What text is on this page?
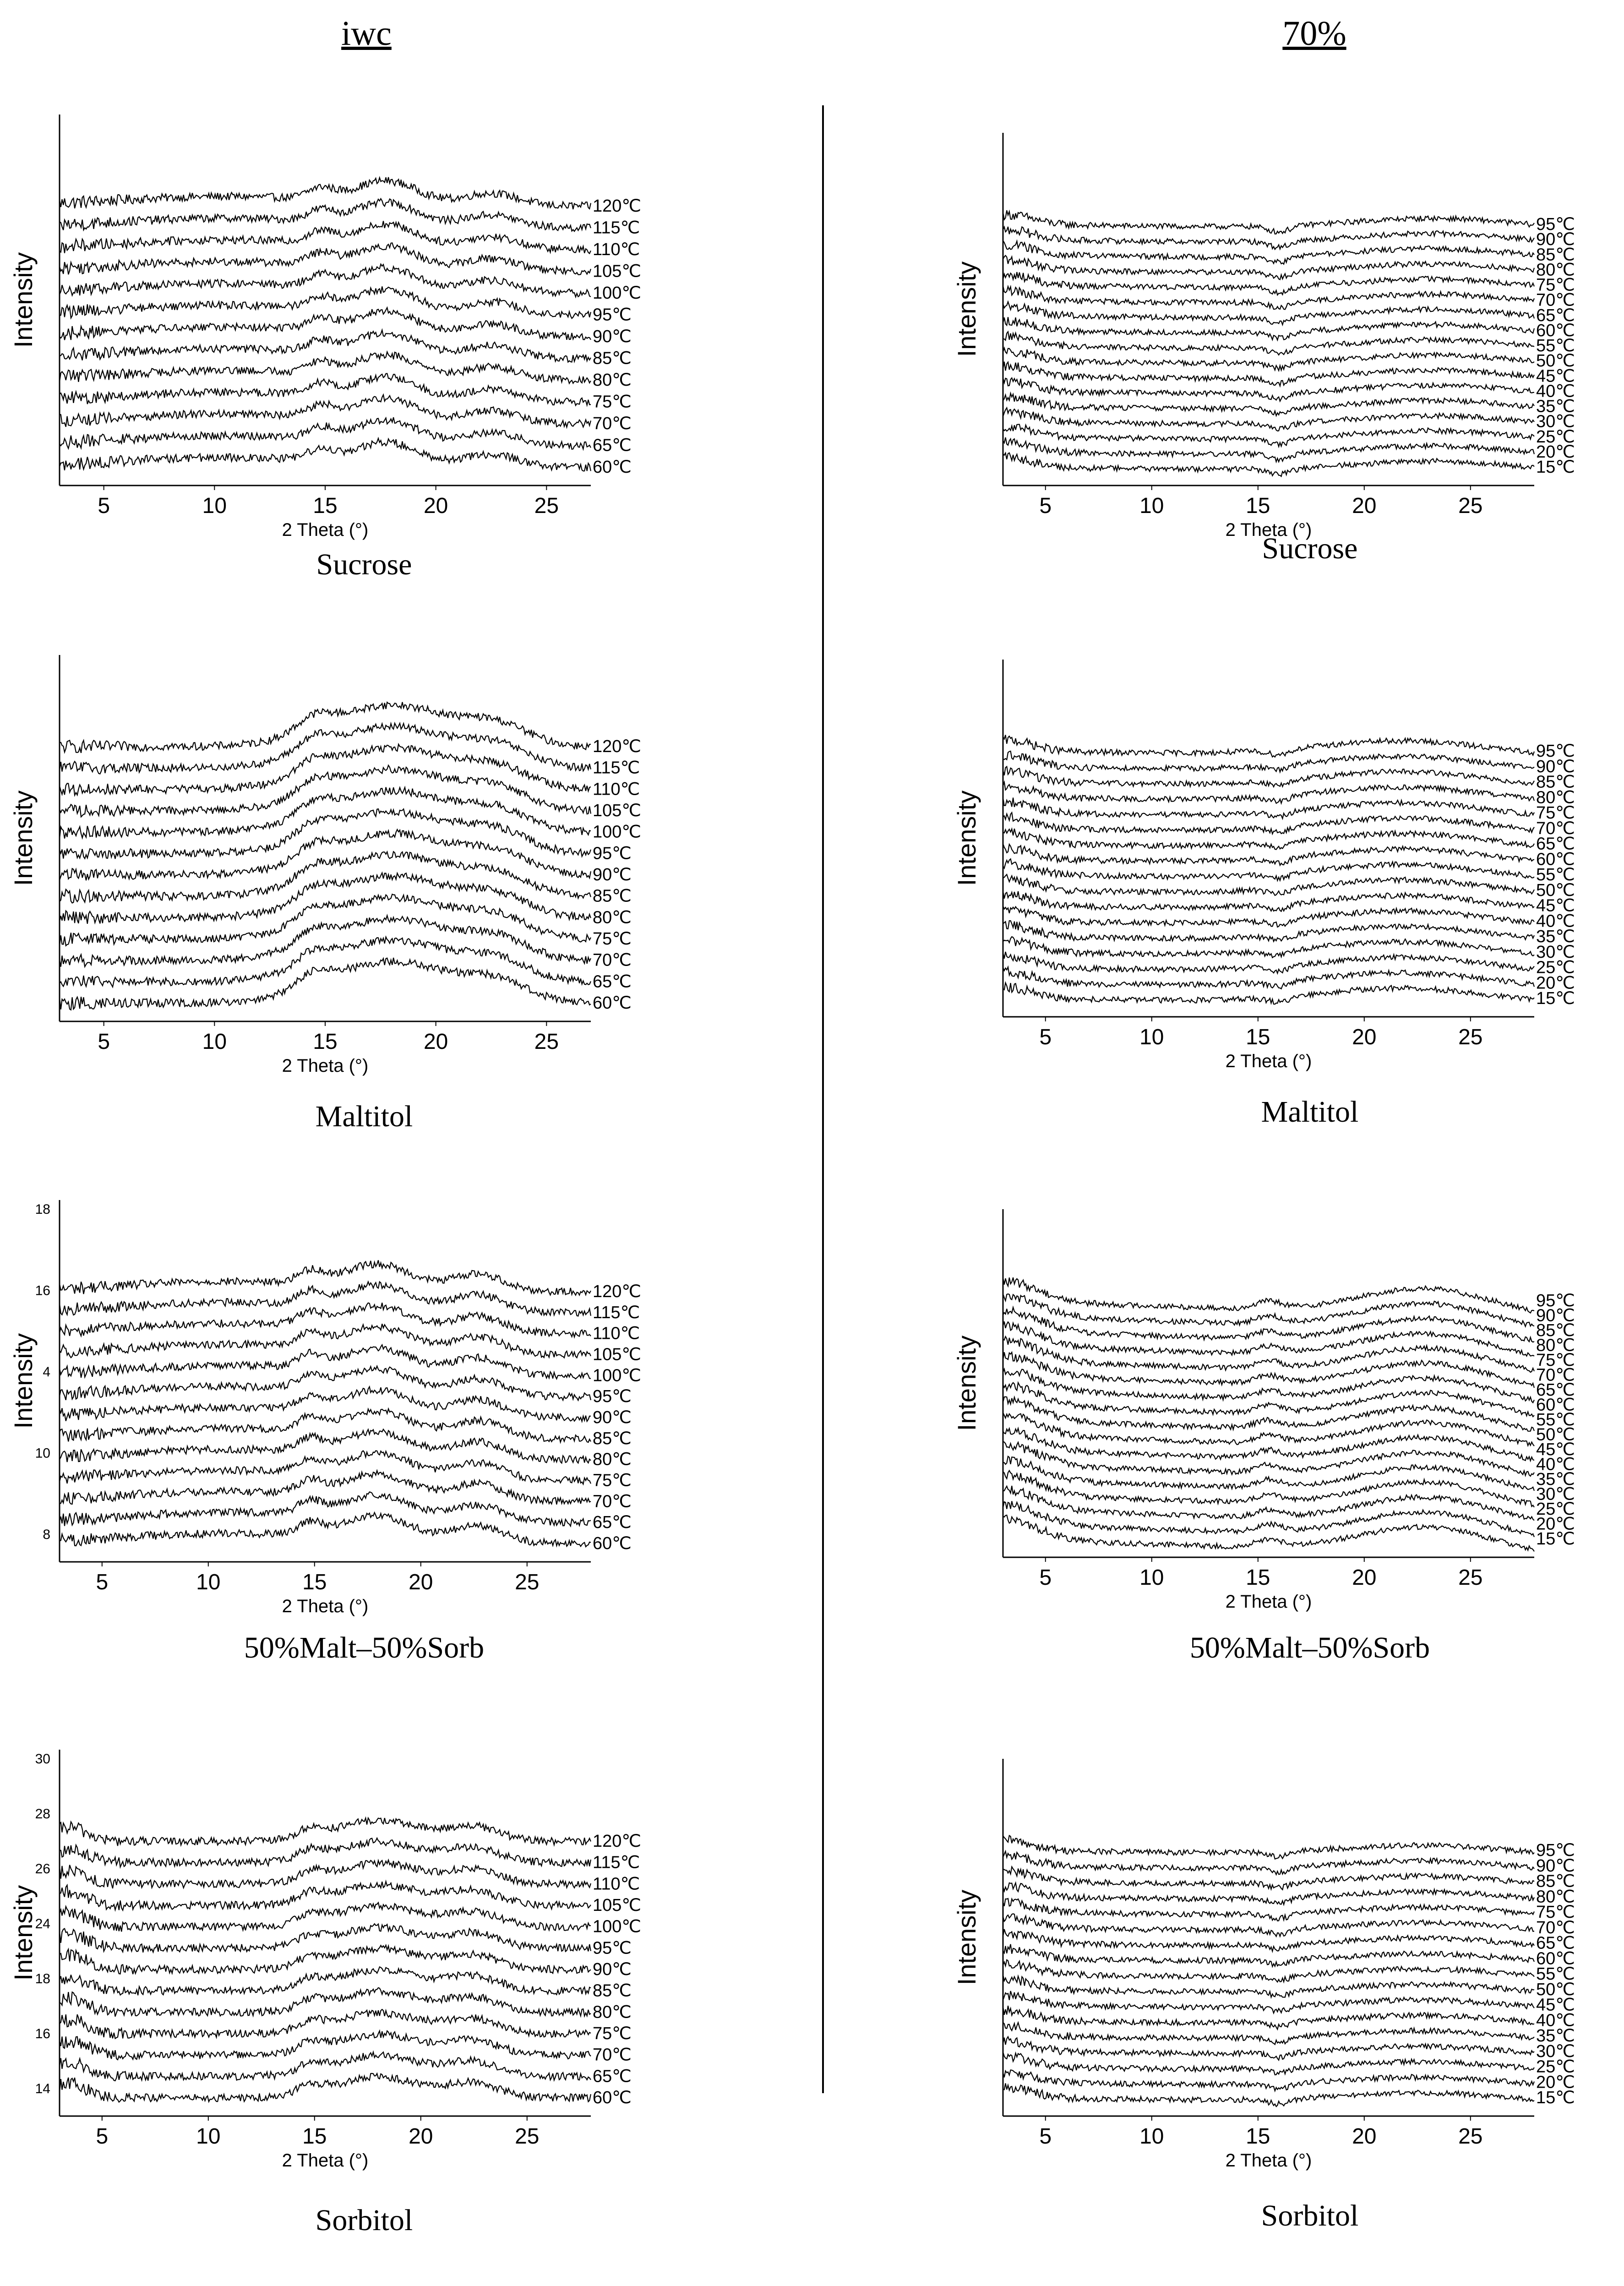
iwc	70%
5	10	15	20	25
2 Theta (°)
Intensity
120℃
115℃
110℃
105℃
100℃
95℃
90℃
85℃
80℃
75℃
70℃
65℃
60℃
Sucrose
5	10	15	20	25
2 Theta (°)
Intensity
95℃
90℃
85℃
80℃
75℃
70℃
65℃
60℃
55℃
50℃
45℃
40℃
35℃
30℃
25℃
20℃
15℃
Sucrose
5	10	15	20	25
2 Theta (°)
Intensity
120℃
115℃
110℃
105℃
100℃
95℃
90℃
85℃
80℃
75℃
70℃
65℃
60℃
Maltitol
5	10	15	20	25
2 Theta (°)
Intensity
95℃
90℃
85℃
80℃
75℃
70℃
65℃
60℃
55℃
50℃
45℃
40℃
35℃
30℃
25℃
20℃
15℃
Maltitol
5	10	15	20	25
8
10
4
16
18
2 Theta (°)
Intensity
120℃
115℃
110℃
105℃
100℃
95℃
90℃
85℃
80℃
75℃
70℃
65℃
60℃
50%Malt–50%Sorb
5	10	15	20	25
2 Theta (°)
Intensity
95℃
90℃
85℃
80℃
75℃
70℃
65℃
60℃
55℃
50℃
45℃
40℃
35℃
30℃
25℃
20℃
15℃
50%Malt–50%Sorb
5	10	15	20	25
14
16
18
24
26
28
30
2 Theta (°)
Intensity
120℃
115℃
110℃
105℃
100℃
95℃
90℃
85℃
80℃
75℃
70℃
65℃
60℃
Sorbitol
5	10	15	20	25
2 Theta (°)
Intensity
95℃
90℃
85℃
80℃
75℃
70℃
65℃
60℃
55℃
50℃
45℃
40℃
35℃
30℃
25℃
20℃
15℃
Sorbitol
